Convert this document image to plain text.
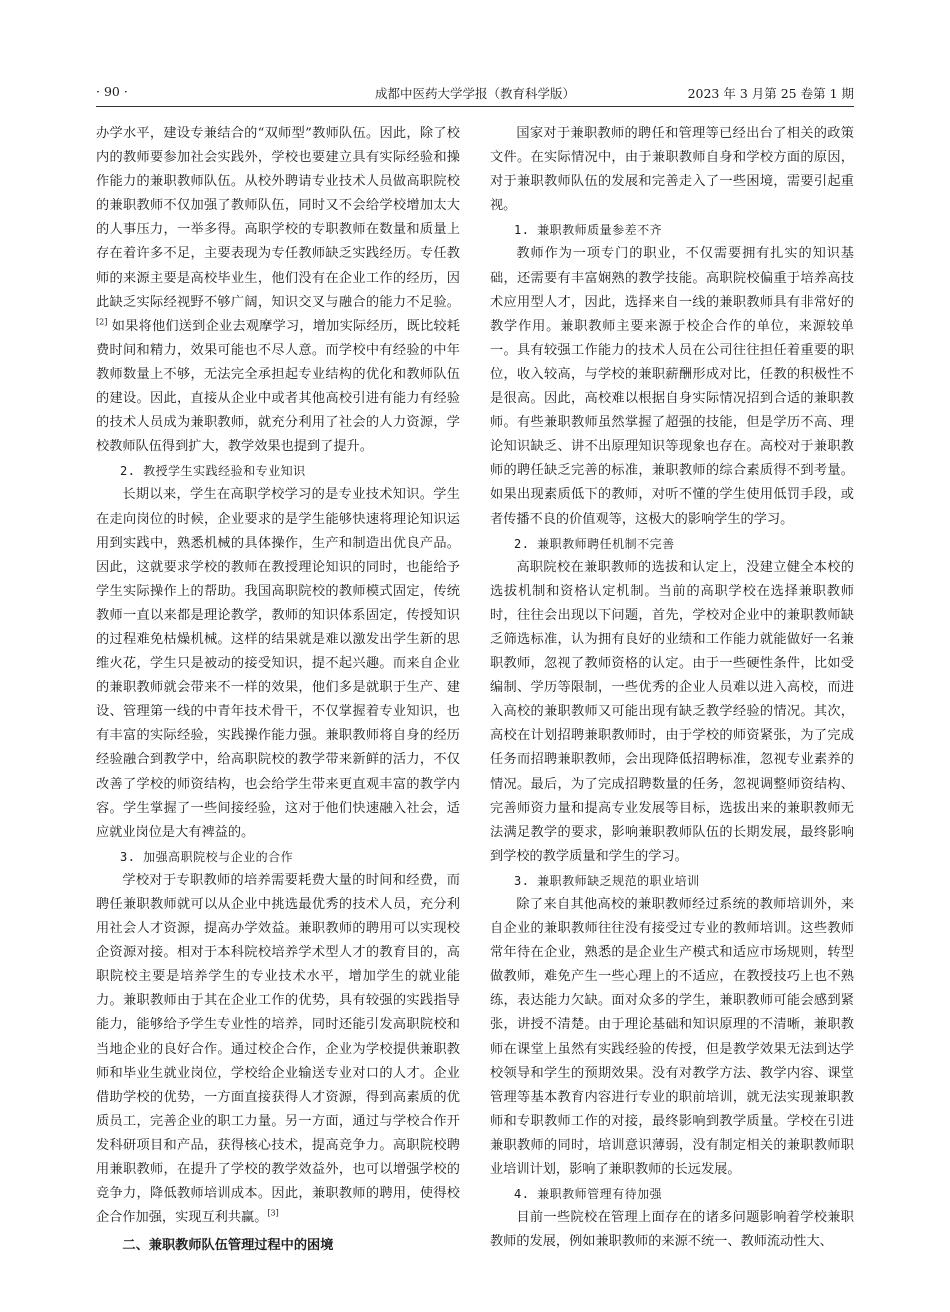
· 90 ·	成都中医药大学学报（教育科学版）	2023 年 3 月第 25 卷第 1 期

办学水平，建设专兼结合的“双师型”教师队伍。因此，除了校内的教师要参加社会实践外，学校也要建立具有实际经验和操作能力的兼职教师队伍。从校外聘请专业技术人员做高职院校的兼职教师不仅加强了教师队伍，同时又不会给学校增加太大的人事压力，一举多得。高职学校的专职教师在数量和质量上存在着许多不足，主要表现为专任教师缺乏实践经历。专任教师的来源主要是高校毕业生，他们没有在企业工作的经历，因此缺乏实际经视野不够广阔，知识交叉与融合的能力不足验。[2] 如果将他们送到企业去观摩学习，增加实际经历，既比较耗费时间和精力，效果可能也不尽人意。而学校中有经验的中年教师数量上不够，无法完全承担起专业结构的优化和教师队伍的建设。因此，直接从企业中或者其他高校引进有能力有经验的技术人员成为兼职教师，就充分利用了社会的人力资源，学校教师队伍得到扩大，教学效果也提到了提升。

2. 教授学生实践经验和专业知识

长期以来，学生在高职学校学习的是专业技术知识。学生在走向岗位的时候，企业要求的是学生能够快速将理论知识运用到实践中，熟悉机械的具体操作，生产和制造出优良产品。因此，这就要求学校的教师在教授理论知识的同时，也能给予学生实际操作上的帮助。我国高职院校的教师模式固定，传统教师一直以来都是理论教学，教师的知识体系固定，传授知识的过程难免枯燥机械。这样的结果就是难以激发出学生新的思维火花，学生只是被动的接受知识，提不起兴趣。而来自企业的兼职教师就会带来不一样的效果，他们多是就职于生产、建设、管理第一线的中青年技术骨干，不仅掌握着专业知识，也有丰富的实际经验，实践操作能力强。兼职教师将自身的经历经验融合到教学中，给高职院校的教学带来新鲜的活力，不仅改善了学校的师资结构，也会给学生带来更直观丰富的教学内容。学生掌握了一些间接经验，这对于他们快速融入社会，适应就业岗位是大有裨益的。

3. 加强高职院校与企业的合作

学校对于专职教师的培养需要耗费大量的时间和经费，而聘任兼职教师就可以从企业中挑选最优秀的技术人员，充分利用社会人才资源，提高办学效益。兼职教师的聘用可以实现校企资源对接。相对于本科院校培养学术型人才的教育目的，高职院校主要是培养学生的专业技术水平，增加学生的就业能力。兼职教师由于其在企业工作的优势，具有较强的实践指导能力，能够给予学生专业性的培养，同时还能引发高职院校和当地企业的良好合作。通过校企合作，企业为学校提供兼职教师和毕业生就业岗位，学校给企业输送专业对口的人才。企业借助学校的优势，一方面直接获得人才资源，得到高素质的优质员工，完善企业的职工力量。另一方面，通过与学校合作开发科研项目和产品，获得核心技术，提高竞争力。高职院校聘用兼职教师，在提升了学校的教学效益外，也可以增强学校的竞争力，降低教师培训成本。因此，兼职教师的聘用，使得校企合作加强，实现互利共赢。[3]

二、兼职教师队伍管理过程中的困境

国家对于兼职教师的聘任和管理等已经出台了相关的政策文件。在实际情况中，由于兼职教师自身和学校方面的原因，对于兼职教师队伍的发展和完善走入了一些困境，需要引起重视。

1. 兼职教师质量参差不齐

教师作为一项专门的职业，不仅需要拥有扎实的知识基础，还需要有丰富娴熟的教学技能。高职院校偏重于培养高技术应用型人才，因此，选择来自一线的兼职教师具有非常好的教学作用。兼职教师主要来源于校企合作的单位，来源较单一。具有较强工作能力的技术人员在公司往往担任着重要的职位，收入较高，与学校的兼职薪酬形成对比，任教的积极性不是很高。因此，高校难以根据自身实际情况招到合适的兼职教师。有些兼职教师虽然掌握了超强的技能，但是学历不高、理论知识缺乏、讲不出原理知识等现象也存在。高校对于兼职教师的聘任缺乏完善的标准，兼职教师的综合素质得不到考量。如果出现素质低下的教师，对听不懂的学生使用低罚手段，或者传播不良的价值观等，这极大的影响学生的学习。

2. 兼职教师聘任机制不完善

高职院校在兼职教师的选拔和认定上，没建立健全本校的选拔机制和资格认定机制。当前的高职学校在选择兼职教师时，往往会出现以下问题，首先，学校对企业中的兼职教师缺乏筛选标准，认为拥有良好的业绩和工作能力就能做好一名兼职教师，忽视了教师资格的认定。由于一些硬性条件，比如受编制、学历等限制，一些优秀的企业人员难以进入高校，而进入高校的兼职教师又可能出现有缺乏教学经验的情况。其次，高校在计划招聘兼职教师时，由于学校的师资紧张，为了完成任务而招聘兼职教师，会出现降低招聘标准，忽视专业素养的情况。最后，为了完成招聘数量的任务，忽视调整师资结构、完善师资力量和提高专业发展等目标，选拔出来的兼职教师无法满足教学的要求，影响兼职教师队伍的长期发展，最终影响到学校的教学质量和学生的学习。

3. 兼职教师缺乏规范的职业培训

除了来自其他高校的兼职教师经过系统的教师培训外，来自企业的兼职教师往往没有接受过专业的教师培训。这些教师常年待在企业，熟悉的是企业生产模式和适应市场规则，转型做教师，难免产生一些心理上的不适应，在教授技巧上也不熟练，表达能力欠缺。面对众多的学生，兼职教师可能会感到紧张，讲授不清楚。由于理论基础和知识原理的不清晰，兼职教师在课堂上虽然有实践经验的传授，但是教学效果无法到达学校领导和学生的预期效果。没有对教学方法、教学内容、课堂管理等基本教育内容进行专业的职前培训，就无法实现兼职教师和专职教师工作的对接，最终影响到教学质量。学校在引进兼职教师的同时，培训意识薄弱，没有制定相关的兼职教师职业培训计划，影响了兼职教师的长远发展。

4. 兼职教师管理有待加强

目前一些院校在管理上面存在的诸多问题影响着学校兼职教师的发展，例如兼职教师的来源不统一、教师流动性大、
